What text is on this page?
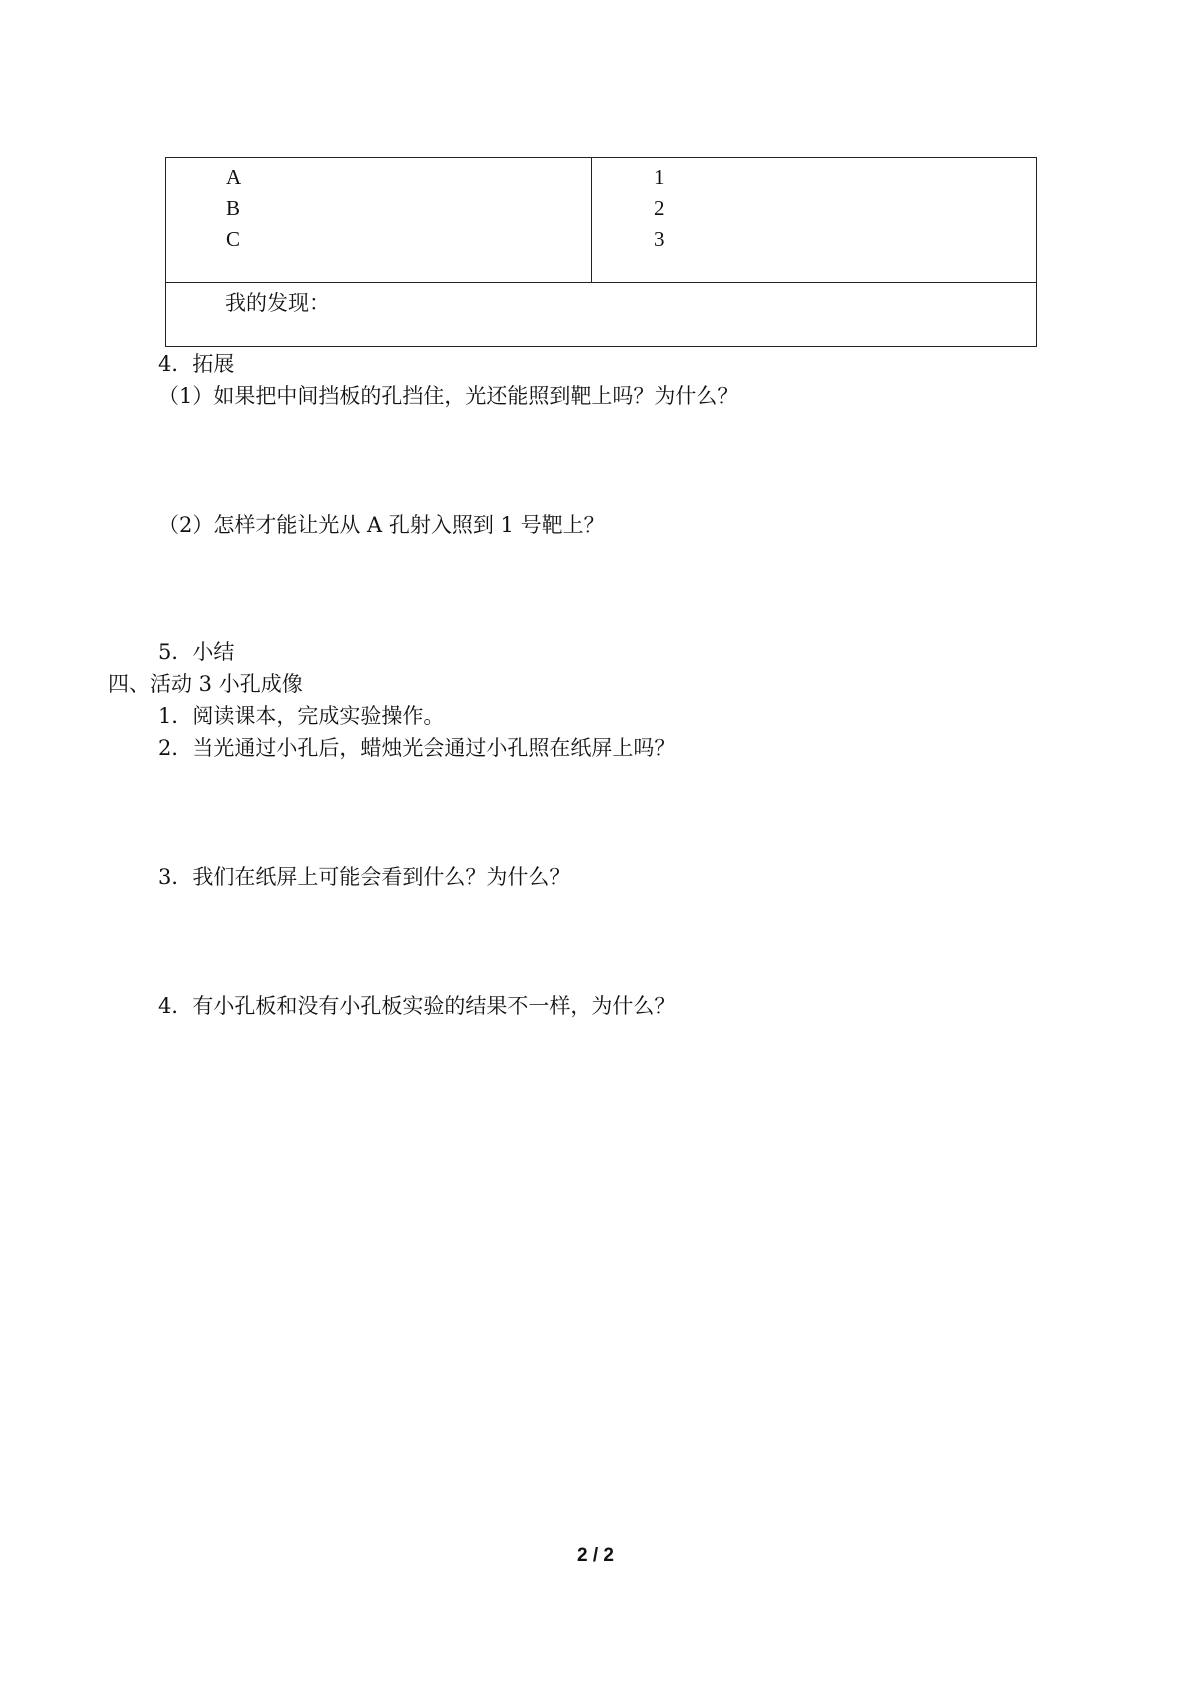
A
B
C
1
2
3
我的发现：
4．拓展
（1）如果把中间挡板的孔挡住，光还能照到靶上吗？为什么？
（2）怎样才能让光从 A 孔射入照到 1 号靶上？
5．小结
四、活动 3 小孔成像
1．阅读课本，完成实验操作。
2．当光通过小孔后，蜡烛光会通过小孔照在纸屏上吗？
3．我们在纸屏上可能会看到什么？为什么？
4．有小孔板和没有小孔板实验的结果不一样，为什么？
2 / 2
